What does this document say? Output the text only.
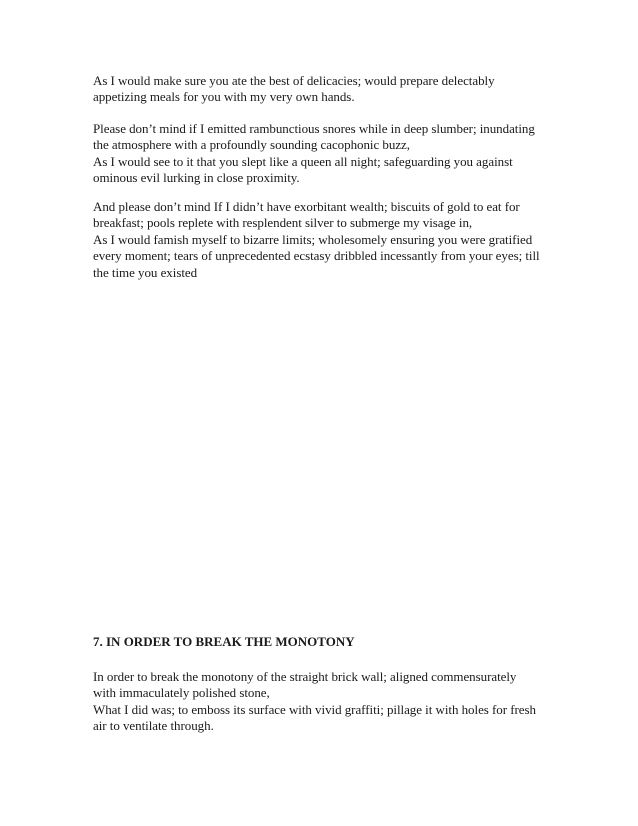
As I would make sure you ate the best of delicacies; would prepare delectably
appetizing meals for you with my very own hands.
Please don’t mind if I emitted rambunctious snores while in deep slumber; inundating
the atmosphere with a profoundly sounding cacophonic buzz,
As I would see to it that you slept like a queen all night; safeguarding you against
ominous evil lurking in close proximity.
And please don’t mind If I didn’t have exorbitant wealth; biscuits of gold to eat for
breakfast; pools replete with resplendent silver to submerge my visage in,
As I would famish myself to bizarre limits; wholesomely ensuring you were gratified
every moment; tears of unprecedented ecstasy dribbled incessantly from your eyes; till
the time you existed
7. IN ORDER TO BREAK THE MONOTONY
In order to break the monotony of the straight brick wall; aligned commensurately
with immaculately polished stone,
What I did was; to emboss its surface with vivid graffiti; pillage it with holes for fresh
air to ventilate through.
